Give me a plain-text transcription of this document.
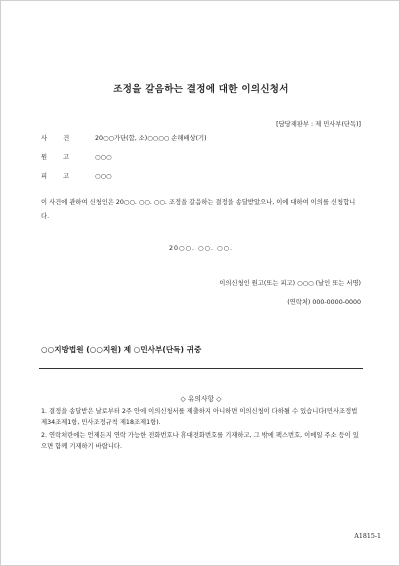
조정을 갈음하는 결정에 대한 이의신청서
[담당재판부 : 제 민사부(단독)]
사건 20○○가단(합, 소)○○○○ 손해배상(기)
원고 ○○○
피고 ○○○
이 사건에 관하여 신청인은 20○○. ○○. ○○. 조정을 갈음하는 결정을 송달받았으나, 이에 대하여 이의를 신청합니다.
20○○. ○○. ○○.
이의신청인 원고(또는 피고) ○○○ (날인 또는 서명)
(연락처) 000-0000-0000
○○지방법원 (○○지원) 제 ○민사부(단독) 귀중
◇ 유의사항 ◇

1. 결정을 송달받은 날로부터 2주 안에 이의신청서를 제출하지 아니하면 이의신청이 다하될 수 있습니다(민사조정법 제34조제1항, 민사조정규칙 제18조제1항).

2. 연락처란에는 언제든지 연락 가능한 전화번호나 휴대전화번호를 기재하고, 그 밖에 팩스번호, 이메일 주소 등이 있으면 함께 기재하기 바랍니다.

A1815-1
